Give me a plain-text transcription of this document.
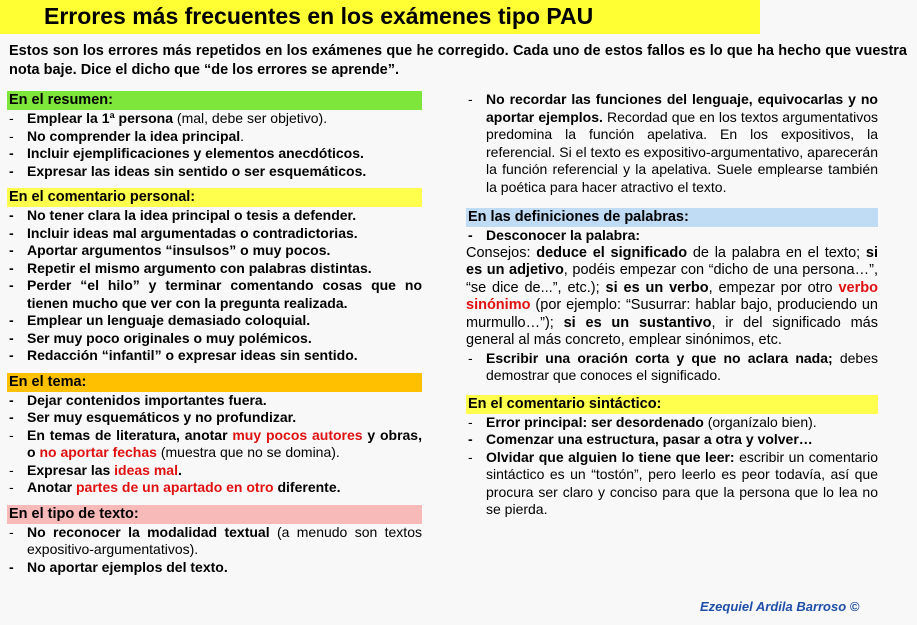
Errores más frecuentes en los exámenes tipo PAU
Estos son los errores más repetidos en los exámenes que he corregido. Cada uno de estos fallos es lo que ha hecho que vuestra nota baje. Dice el dicho que “de los errores se aprende”.
En el resumen:
- Emplear la 1ª persona (mal, debe ser objetivo).
- No comprender la idea principal.
- Incluir ejemplificaciones y elementos anecdóticos.
- Expresar las ideas sin sentido o ser esquemáticos.
En el comentario personal:
- No tener clara la idea principal o tesis a defender.
- Incluir ideas mal argumentadas o contradictorias.
- Aportar argumentos “insulsos” o muy pocos.
- Repetir el mismo argumento con palabras distintas.
- Perder “el hilo” y terminar comentando cosas que no tienen mucho que ver con la pregunta realizada.
- Emplear un lenguaje demasiado coloquial.
- Ser muy poco originales o muy polémicos.
- Redacción “infantil” o expresar ideas sin sentido.
En el tema:
- Dejar contenidos importantes fuera.
- Ser muy esquemáticos y no profundizar.
- En temas de literatura, anotar muy pocos autores y obras, o no aportar fechas (muestra que no se domina).
- Expresar las ideas mal.
- Anotar partes de un apartado en otro diferente.
En el tipo de texto:
- No reconocer la modalidad textual (a menudo son textos expositivo-argumentativos).
- No aportar ejemplos del texto.
- No recordar las funciones del lenguaje, equivocarlas y no aportar ejemplos. Recordad que en los textos argumentativos predomina la función apelativa. En los expositivos, la referencial. Si el texto es expositivo-argumentativo, aparecerán la función referencial y la apelativa. Suele emplearse también la poética para hacer atractivo el texto.
En las definiciones de palabras:
- Desconocer la palabra:
Consejos: deduce el significado de la palabra en el texto; si es un adjetivo, podéis empezar con “dicho de una persona…”, “se dice de...”, etc.); si es un verbo, empezar por otro verbo sinónimo (por ejemplo: “Susurrar: hablar bajo, produciendo un murmullo…”); si es un sustantivo, ir del significado más general al más concreto, emplear sinónimos, etc.
- Escribir una oración corta y que no aclara nada; debes demostrar que conoces el significado.
En el comentario sintáctico:
- Error principal: ser desordenado (organízalo bien).
- Comenzar una estructura, pasar a otra y volver…
- Olvidar que alguien lo tiene que leer: escribir un comentario sintáctico es un “tostón”, pero leerlo es peor todavía, así que procura ser claro y conciso para que la persona que lo lea no se pierda.
Ezequiel Ardila Barroso ©
